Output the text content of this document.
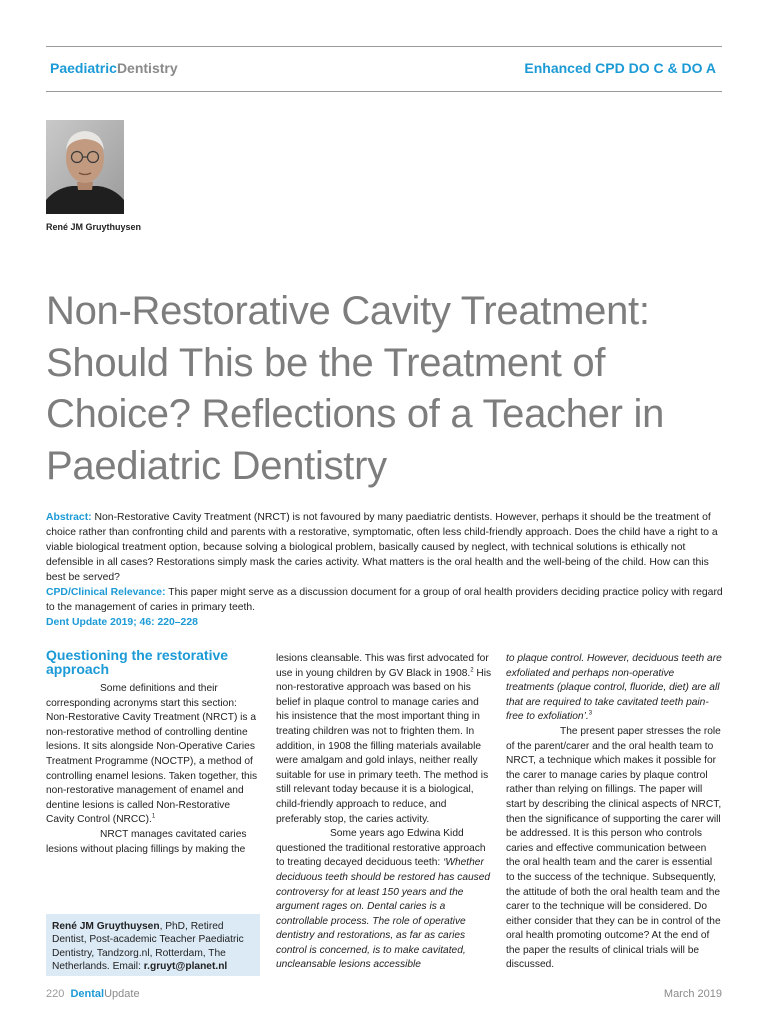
PaediatricDentistry	Enhanced CPD DO C & DO A
René JM Gruythuysen
Non-Restorative Cavity Treatment: Should This be the Treatment of Choice? Reflections of a Teacher in Paediatric Dentistry

Abstract: Non-Restorative Cavity Treatment (NRCT) is not favoured by many paediatric dentists. However, perhaps it should be the treatment of choice rather than confronting child and parents with a restorative, symptomatic, often less child-friendly approach. Does the child have a right to a viable biological treatment option, because solving a biological problem, basically caused by neglect, with technical solutions is ethically not defensible in all cases? Restorations simply mask the caries activity. What matters is the oral health and the well-being of the child. How can this best be served?

CPD/Clinical Relevance: This paper might serve as a discussion document for a group of oral health providers deciding practice policy with regard to the management of caries in primary teeth.

Dent Update 2019; 46: 220–228

Questioning the restorative approach

Some definitions and their corresponding acronyms start this section:

Non-Restorative Cavity Treatment (NRCT) is a non-restorative method of controlling dentine lesions. It sits alongside Non-Operative Caries Treatment Programme (NOCTP), a method of controlling enamel lesions. Taken together, this non-restorative management of enamel and dentine lesions is called Non-Restorative Cavity Control (NRCC).$^1$

NRCT manages cavitated caries lesions without placing fillings by making the

lesions cleansable. This was first advocated for use in young children by GV Black in 1908.$^2$ His non-restorative approach was based on his belief in plaque control to manage caries and his insistence that the most important thing in treating children was not to frighten them. In addition, in 1908 the filling materials available were amalgam and gold inlays, neither really suitable for use in primary teeth. The method is still relevant today because it is a biological, child-friendly approach to reduce, and preferably stop, the caries activity.

Some years ago Edwina Kidd questioned the traditional restorative approach to treating decayed deciduous teeth: ‘Whether deciduous teeth should be restored has caused controversy for at least 150 years and the argument rages on. Dental caries is a controllable process. The role of operative dentistry and restorations, as far as caries control is concerned, is to make cavitated, uncleansable lesions accessible

to plaque control. However, deciduous teeth are exfoliated and perhaps non-operative treatments (plaque control, fluoride, diet) are all that are required to take cavitated teeth pain-free to exfoliation’.$^3$

The present paper stresses the role of the parent/carer and the oral health team to NRCT, a technique which makes it possible for the carer to manage caries by plaque control rather than relying on fillings. The paper will start by describing the clinical aspects of NRCT, then the significance of supporting the carer will be addressed. It is this person who controls caries and effective communication between the oral health team and the carer is essential to the success of the technique. Subsequently, the attitude of both the oral health team and the carer to the technique will be considered. Do either consider that they can be in control of the oral health promoting outcome? At the end of the paper the results of clinical trials will be discussed.

René JM Gruythuysen, PhD, Retired Dentist, Post-academic Teacher Paediatric Dentistry, Tandzorg.nl, Rotterdam, The Netherlands. Email: r.gruyt@planet.nl
220 DentalUpdate	March 2019
